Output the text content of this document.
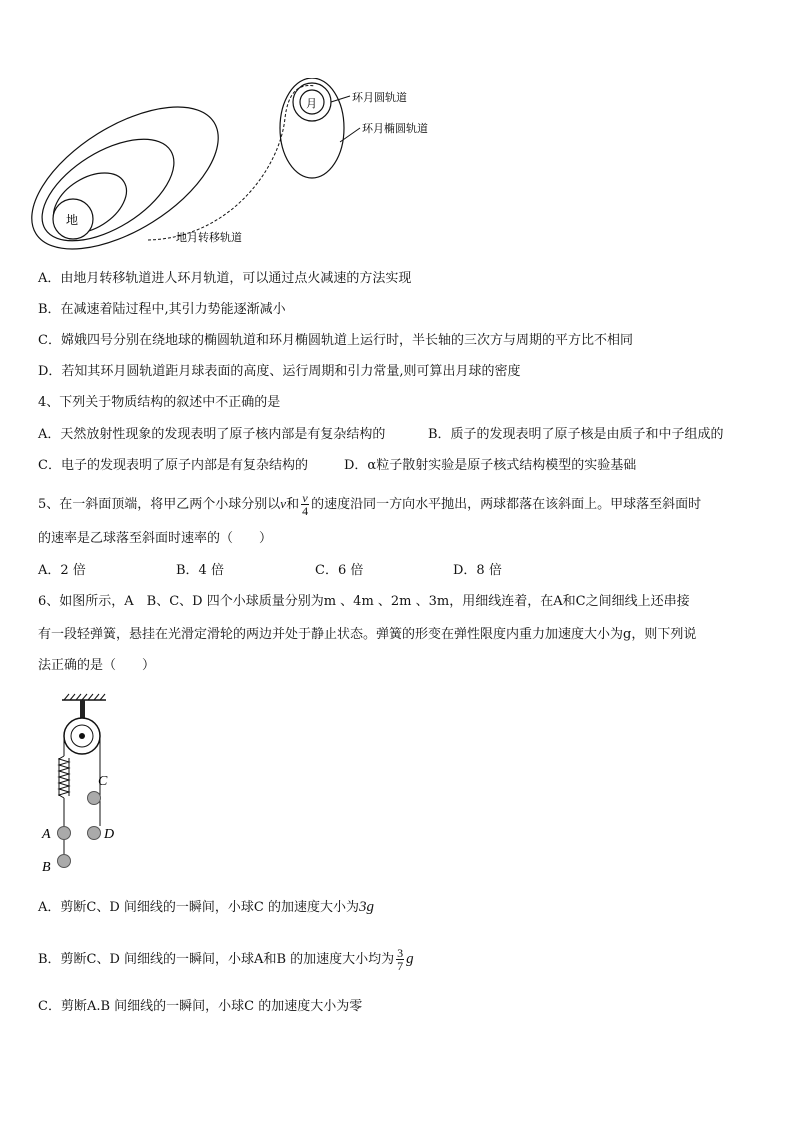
地
月	环月圆轨道
环月椭圆轨道
地月转移轨道
A．由地月转移轨道进人环月轨道，可以通过点火减速的方法实现
B．在减速着陆过程中,其引力势能逐渐减小
C．嫦娥四号分别在绕地球的椭圆轨道和环月椭圆轨道上运行时，半长轴的三次方与周期的平方比不相同
D．若知其环月圆轨道距月球表面的高度、运行周期和引力常量,则可算出月球的密度
4、下列关于物质结构的叙述中不正确的是
A．天然放射性现象的发现表明了原子核内部是有复杂结构的	B．质子的发现表明了原子核是由质子和中子组成的
C．电子的发现表明了原子内部是有复杂结构的	D．α粒子散射实验是原子核式结构模型的实验基础
5、在一斜面顶端，将甲乙两个小球分别以v和 $\frac{v}{4}$ 的速度沿同一方向水平抛出，两球都落在该斜面上。甲球落至斜面时
的速率是乙球落至斜面时速率的（　　）
A．2 倍	B．4 倍	C．6 倍	D．8 倍
6、如图所示，A　B、C、D 四个小球质量分别为m 、4m 、2m 、3m，用细线连着，在A和C之间细线上还串接
有一段轻弹簧，悬挂在光滑定滑轮的两边并处于静止状态。弹簧的形变在弹性限度内重力加速度大小为g，则下列说
法正确的是（　　）
C
D
A
B
A．剪断C、D 间细线的一瞬间，小球C 的加速度大小为3g
B．剪断C、D 间细线的一瞬间，小球A和B 的加速度大小均为 $\frac{3}{7}$ g
C．剪断A.B 间细线的一瞬间，小球C 的加速度大小为零
